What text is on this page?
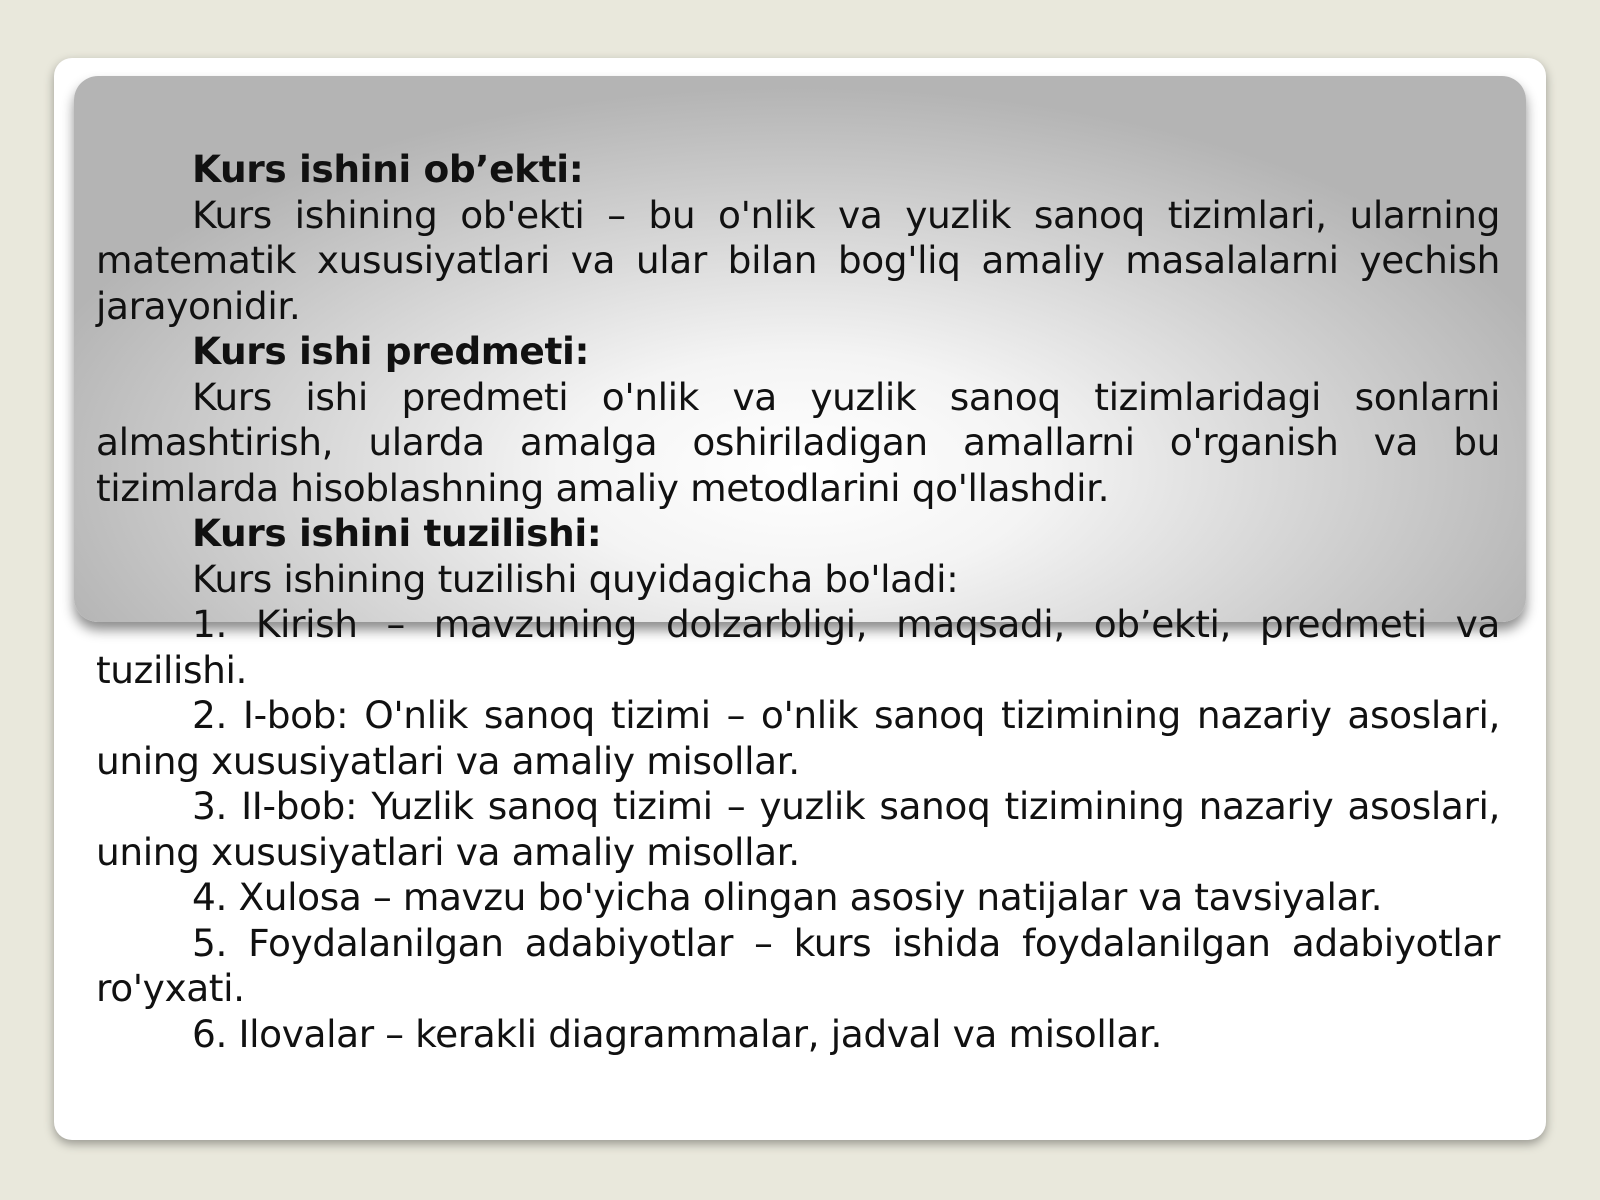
Kurs ishini ob’ekti:

Kurs ishining ob'ekti – bu o'nlik va yuzlik sanoq tizimlari, ularning matematik xususiyatlari va ular bilan bog'liq amaliy masalalarni yechish jarayonidir.

Kurs ishi predmeti:

Kurs ishi predmeti o'nlik va yuzlik sanoq tizimlaridagi sonlarni almashtirish, ularda amalga oshiriladigan amallarni o'rganish va bu tizimlarda hisoblashning amaliy metodlarini qo'llashdir.

Kurs ishini tuzilishi:

Kurs ishining tuzilishi quyidagicha bo'ladi:

1. Kirish – mavzuning dolzarbligi, maqsadi, ob’ekti, predmeti va tuzilishi.

2. I-bob: O'nlik sanoq tizimi – o'nlik sanoq tizimining nazariy asoslari, uning xususiyatlari va amaliy misollar.

3. II-bob: Yuzlik sanoq tizimi – yuzlik sanoq tizimining nazariy asoslari, uning xususiyatlari va amaliy misollar.

4. Xulosa – mavzu bo'yicha olingan asosiy natijalar va tavsiyalar.

5. Foydalanilgan adabiyotlar – kurs ishida foydalanilgan adabiyotlar ro'yxati.

6. Ilovalar – kerakli diagrammalar, jadval va misollar.
